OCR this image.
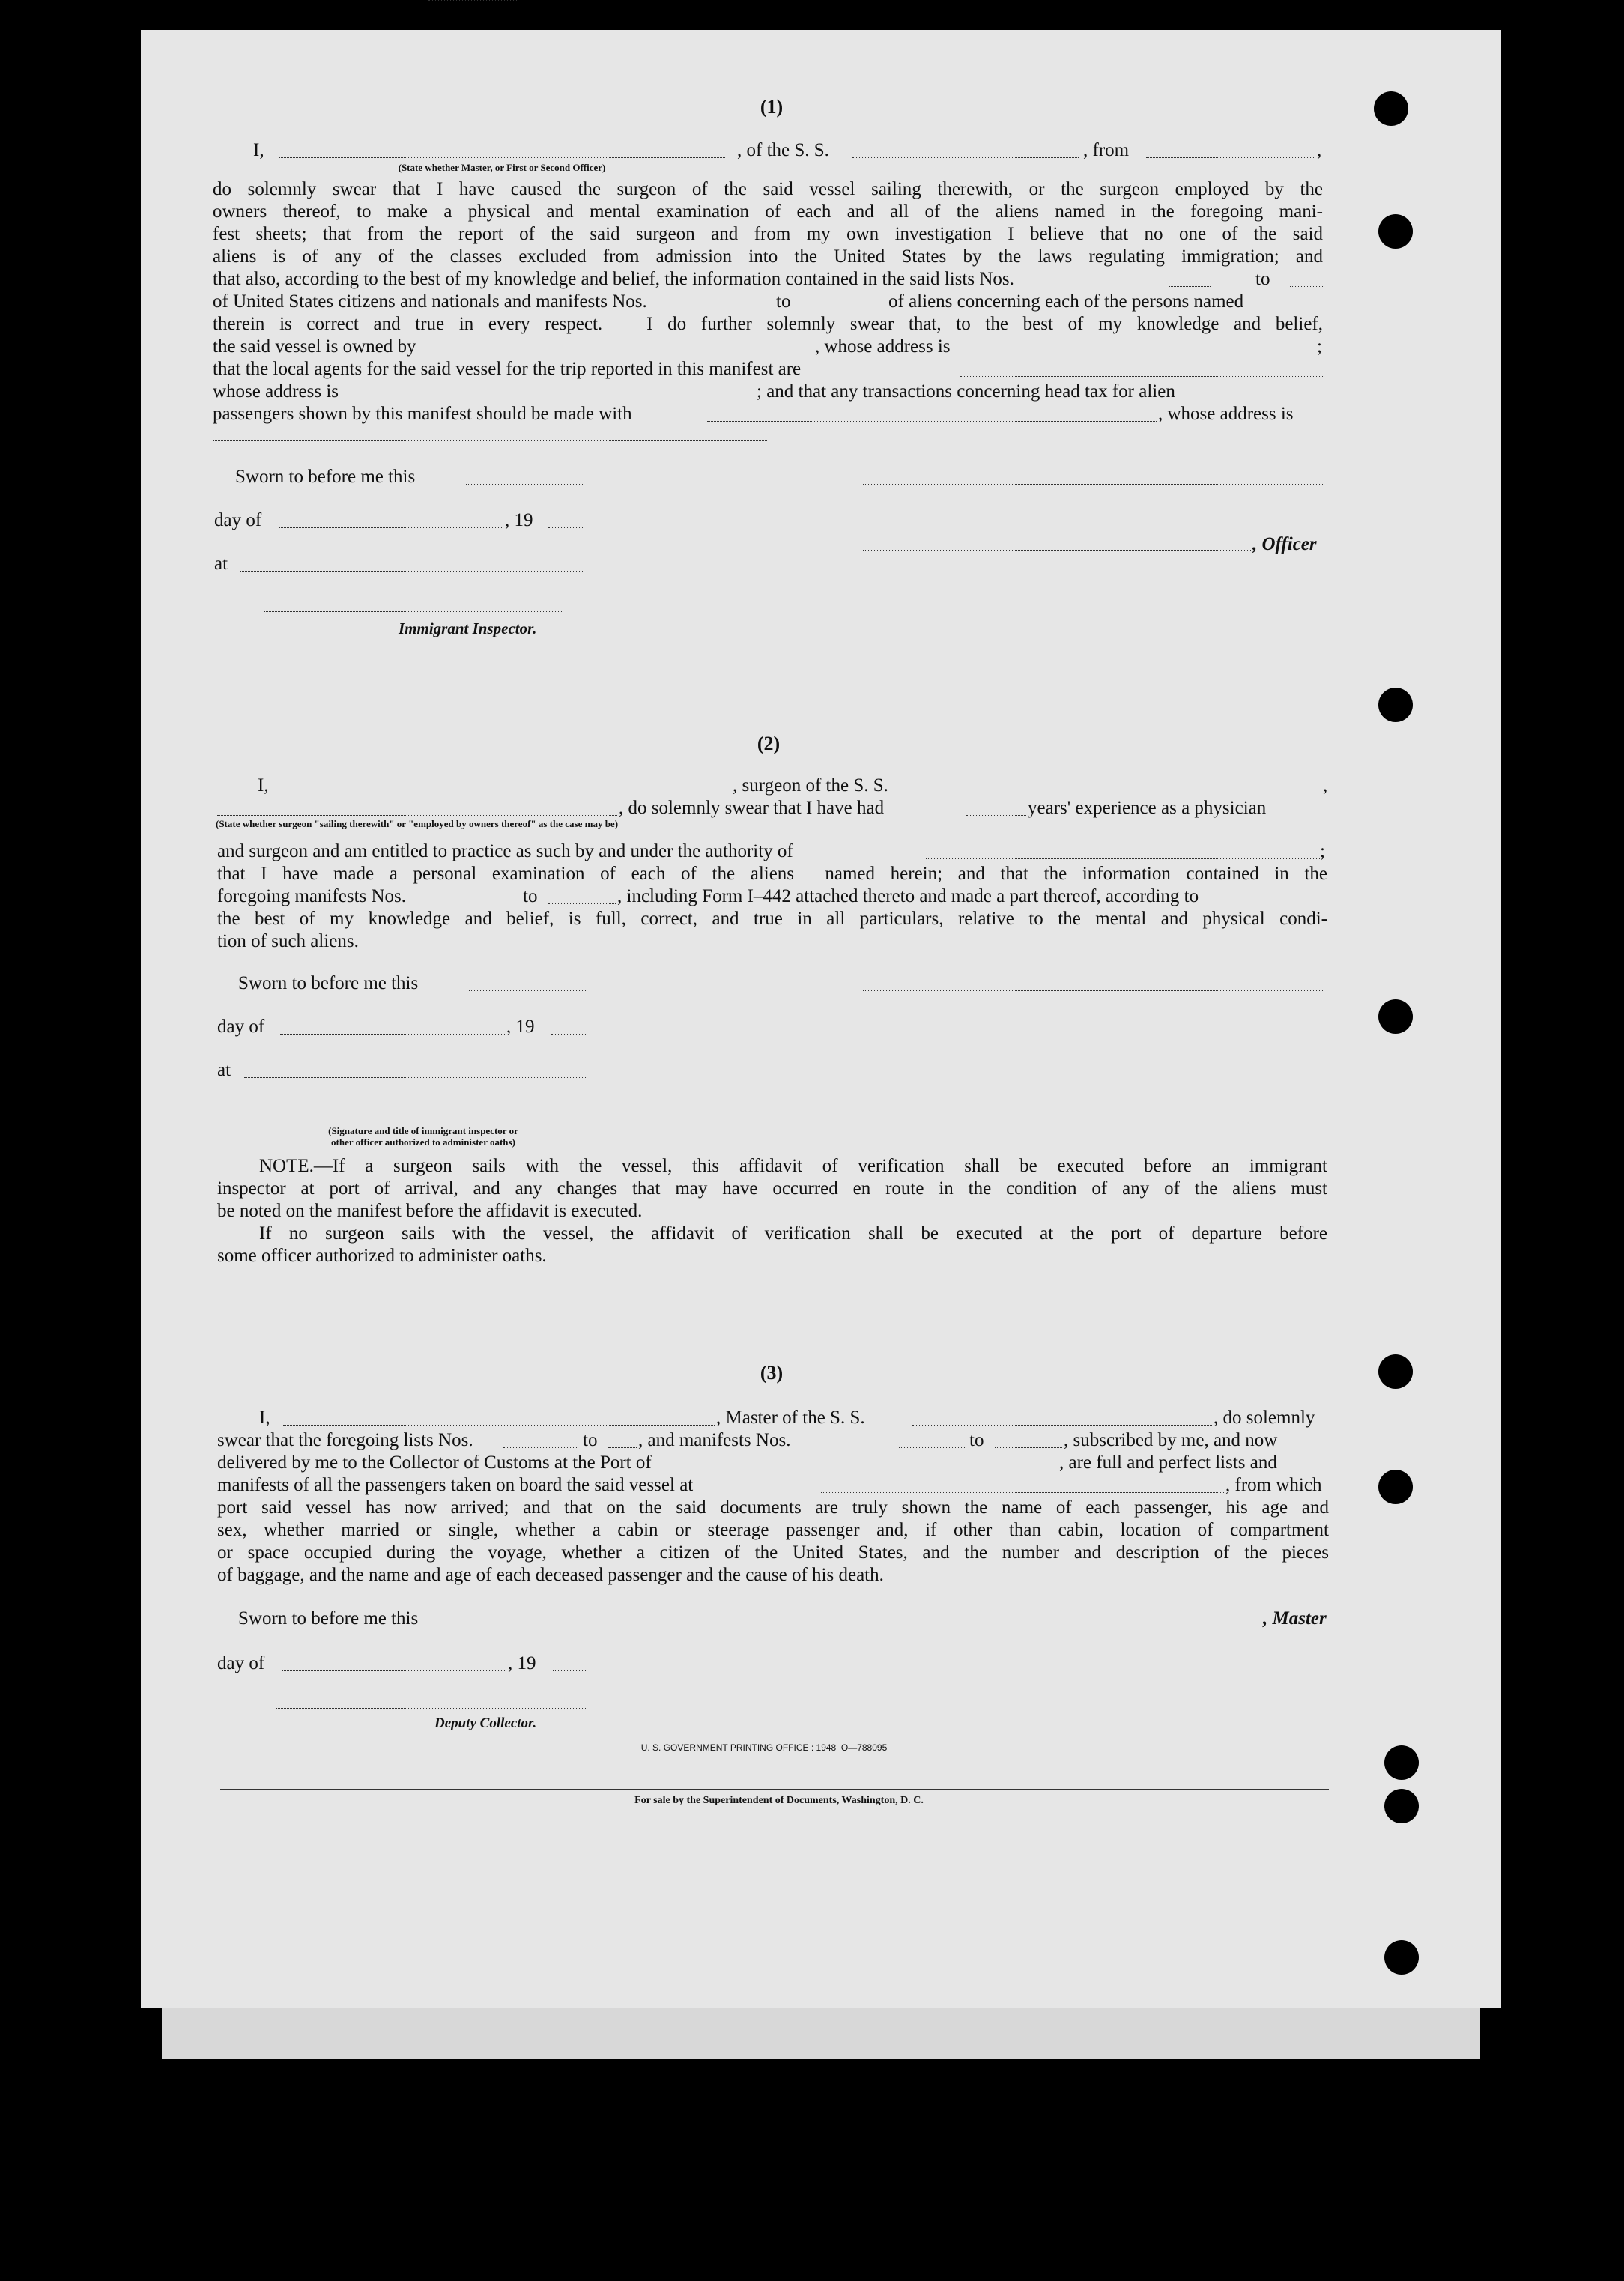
(1)
I,	, of the S. S.	, from	,
(State whether Master, or First or Second Officer)
do solemnly swear that I have caused the surgeon of the said vessel sailing therewith, or the surgeon employed by the
owners thereof, to make a physical and mental examination of each and all of the aliens named in the foregoing mani-
fest sheets; that from the report of the said surgeon and from my own investigation I believe that no one of the said
aliens is of any of the classes excluded from admission into the United States by the laws regulating immigration; and
that also, according to the best of my knowledge and belief, the information contained in the said lists Nos.	to
of United States citizens and nationals and manifests Nos.	to	of aliens concerning each of the persons named
therein is correct and true in every respect.   I do further solemnly swear that, to the best of my knowledge and belief,
the said vessel is owned by	, whose address is	;
that the local agents for the said vessel for the trip reported in this manifest are
whose address is	; and that any transactions concerning head tax for alien
passengers shown by this manifest should be made with	, whose address is
Sworn to before me this
day of	, 19
, Officer
at
Immigrant Inspector.
(2)
I,	, surgeon of the S. S.	,
, do solemnly swear that I have had	years' experience as a physician
(State whether surgeon "sailing therewith" or "employed by owners thereof" as the case may be)
and surgeon and am entitled to practice as such by and under the authority of	;
that I have made a personal examination of each of the aliens  named herein; and that the information contained in the
foregoing manifests Nos.	to	, including Form I–442 attached thereto and made a part thereof, according to
the best of my knowledge and belief, is full, correct, and true in all particulars, relative to the mental and physical condi-
tion of such aliens.
Sworn to before me this
day of	, 19
at
(Signature and title of immigrant inspector or
other officer authorized to administer oaths)
NOTE.—If a surgeon sails with the vessel, this affidavit of verification shall be executed before an immigrant
inspector at port of arrival, and any changes that may have occurred en route in the condition of any of the aliens must
be noted on the manifest before the affidavit is executed.
If no surgeon sails with the vessel, the affidavit of verification shall be executed at the port of departure before
some officer authorized to administer oaths.
(3)
I,	, Master of the S. S.	, do solemnly
swear that the foregoing lists Nos.	to , and manifests Nos.	to	, subscribed by me, and now
delivered by me to the Collector of Customs at the Port of	, are full and perfect lists and
manifests of all the passengers taken on board the said vessel at	, from which
port said vessel has now arrived; and that on the said documents are truly shown the name of each passenger, his age and
sex, whether married or single, whether a cabin or steerage passenger and, if other than cabin, location of compartment
or space occupied during the voyage, whether a citizen of the United States, and the number and description of the pieces
of baggage, and the name and age of each deceased passenger and the cause of his death.
Sworn to before me this	, Master
day of	, 19
Deputy Collector.
U. S. GOVERNMENT PRINTING OFFICE : 1948  O—788095
For sale by the Superintendent of Documents, Washington, D. C.
